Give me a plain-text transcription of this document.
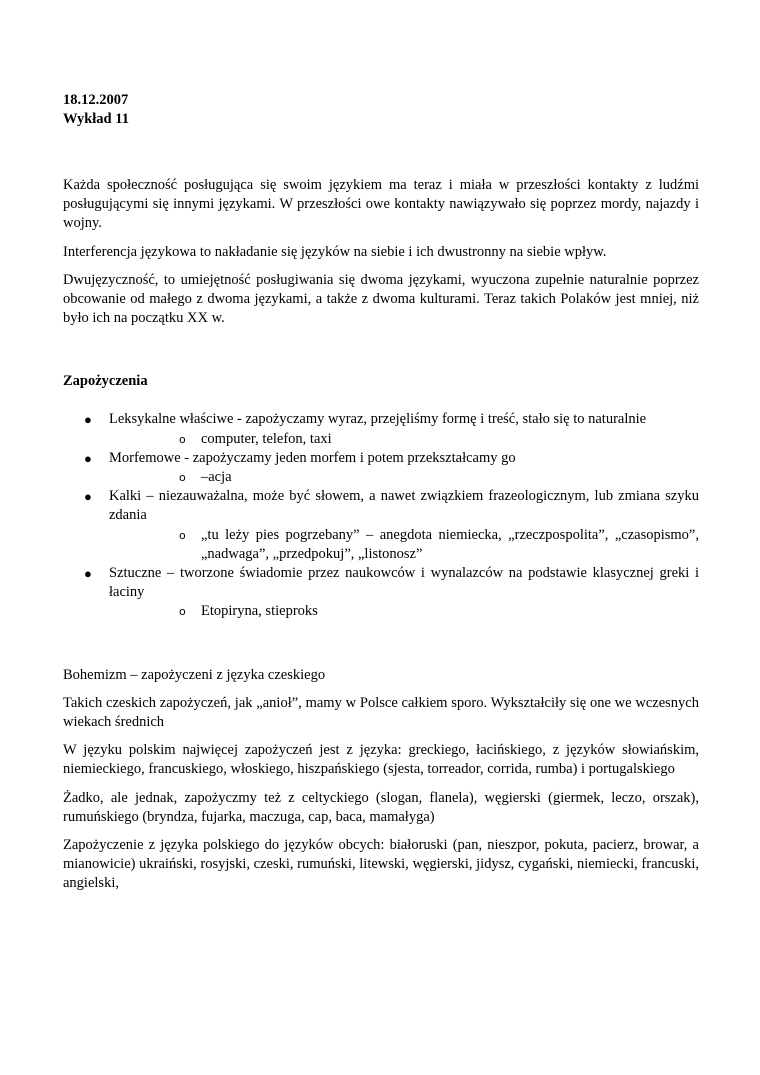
18.12.2007
Wykład 11

Każda społeczność posługująca się swoim językiem ma teraz i miała w przeszłości kontakty z ludźmi posługującymi się innymi językami. W przeszłości owe kontakty nawiązywało się poprzez mordy, najazdy i wojny.

Interferencja językowa to nakładanie się języków na siebie i ich dwustronny na siebie wpływ.

Dwujęzyczność, to umiejętność posługiwania się dwoma językami, wyuczona zupełnie naturalnie poprzez obcowanie od małego z dwoma językami, a także z dwoma kulturami. Teraz takich Polaków jest mniej, niż było ich na początku XX w.

Zapożyczenia
● Leksykalne właściwe - zapożyczamy wyraz, przejęliśmy formę i treść, stało się to naturalnie
o computer, telefon, taxi
● Morfemowe - zapożyczamy jeden morfem i potem przekształcamy go
o –acja
● Kalki – niezauważalna, może być słowem, a nawet związkiem frazeologicznym, lub zmiana szyku zdania
o „tu leży pies pogrzebany” – anegdota niemiecka, „rzeczpospolita”, „czasopismo”, „nadwaga”, „przedpokuj”, „listonosz”
● Sztuczne – tworzone świadomie przez naukowców i wynalazców na podstawie klasycznej greki i łaciny
o Etopiryna, stieproks

Bohemizm – zapożyczeni z języka czeskiego

Takich czeskich zapożyczeń, jak „anioł”, mamy w Polsce całkiem sporo. Wykształciły się one we wczesnych wiekach średnich

W języku polskim najwięcej zapożyczeń jest z języka: greckiego, łacińskiego, z języków słowiańskim, niemieckiego, francuskiego, włoskiego, hiszpańskiego (sjesta, torreador, corrida, rumba) i portugalskiego

Żadko, ale jednak, zapożyczmy też z celtyckiego (slogan, flanela), węgierski (giermek, leczo, orszak), rumuńskiego (bryndza, fujarka, maczuga, cap, baca, mamałyga)

Zapożyczenie z języka polskiego do języków obcych: białoruski (pan, nieszpor, pokuta, pacierz, browar, a mianowicie) ukraiński, rosyjski, czeski, rumuński, litewski, węgierski, jidysz, cygański, niemiecki, francuski, angielski,
